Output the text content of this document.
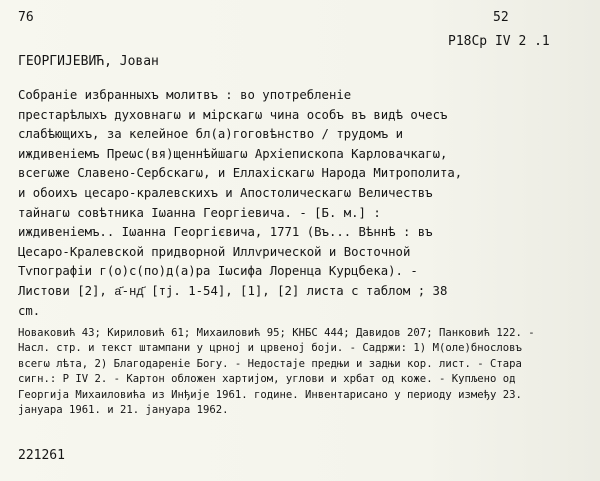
76	52
P18Cp IV 2 .1
ГЕОРГИЈЕВИЋ, Јован
Собраніе избранныхъ молитвъ : во употребленіе
престарѣлыхъ духовнагω и мірскагω чина особъ въ видѣ очесъ
слабѣющихъ, за келейное бл(а)гоговѣнство / трудомъ и
иждивеніемъ Преωс(вя)щеннѣйшагω Архіепископа Карловачкагω,
всегωже Славено-Сербскагω, и Еллахіскагω Народа Митрополита,
и обоихъ цесаро-кралевскихъ и Апостолическагω Величествъ
тайнагω совѣтника Іωанна Георгіевича. - [Б. м.] :
иждивеніемъ.. Іωанна Георгієвича, 1771 (Въ... Вѣннѣ : въ
Цесаро-Кралевской придворной Иллѵрической и Восточной
Тѵпографіи г(о)с(по)д(а)ра Іωсифа Лоренца Курцбека). -
Листови [2], а҃-нд҃ [тј. 1-54], [1], [2] листа с таблом ; 38
cm.
Новаковић 43; Кириловић 61; Михаиловић 95; КНБС 444; Давидов 207; Панковић 122. -
Насл. стр. и текст штампани у црној и црвеној боји. - Садржи: 1) М(оле)бнословъ
всегω лѣта, 2) Благодареніе Богу. - Недостаје предњи и задњи кор. лист. - Стара
сигн.: P IV 2. - Картон обложен хартијом, углови и хрбат од коже. - Купљено од
Георгија Михаиловића из Инђије 1961. године. Инвентарисано у периоду између 23.
јануара 1961. и 21. јануара 1962.
221261
